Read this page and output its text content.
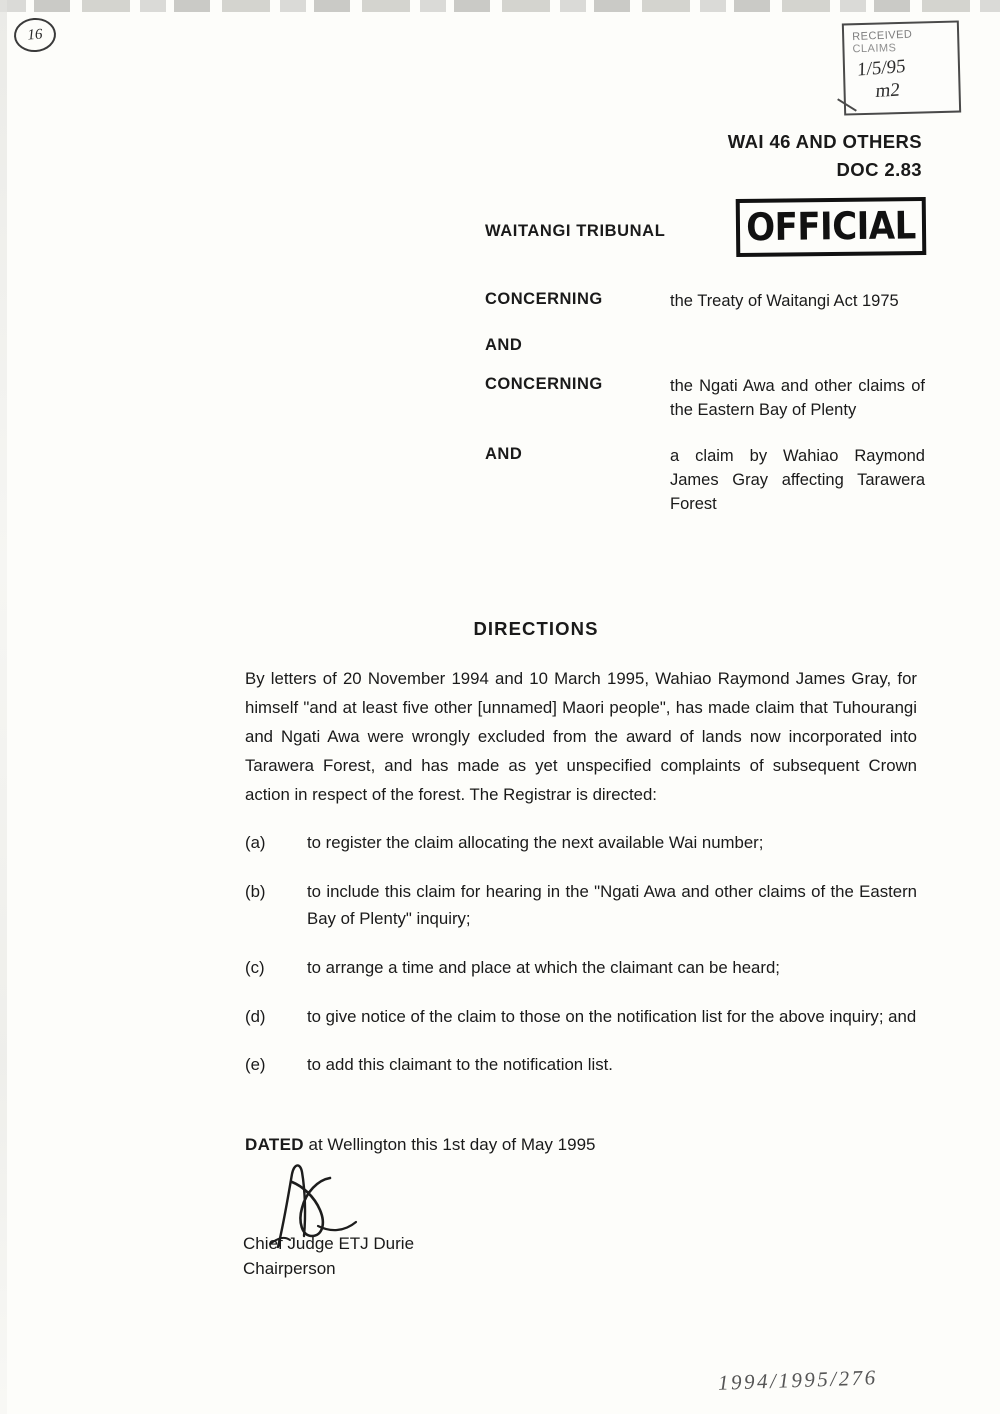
16	RECEIVED
CLAIMS
1/5/95
m2
WAI 46 AND OTHERS
DOC 2.83
WAITANGI TRIBUNAL OFFICIAL
CONCERNING	the Treaty of Waitangi Act 1975
AND
CONCERNING	the Ngati Awa and other claims of the Eastern Bay of Plenty
AND	a claim by Wahiao Raymond James Gray affecting Tarawera Forest
DIRECTIONS
By letters of 20 November 1994 and 10 March 1995, Wahiao Raymond James Gray, for himself "and at least five other [unnamed] Maori people", has made claim that Tuhourangi and Ngati Awa were wrongly excluded from the award of lands now incorporated into Tarawera Forest, and has made as yet unspecified complaints of subsequent Crown action in respect of the forest. The Registrar is directed:
(a)	to register the claim allocating the next available Wai number;
(b)	to include this claim for hearing in the "Ngati Awa and other claims of the Eastern Bay of Plenty" inquiry;
(c)	to arrange a time and place at which the claimant can be heard;
(d)	to give notice of the claim to those on the notification list for the above inquiry; and
(e)	to add this claimant to the notification list.
DATED at Wellington this 1st day of May 1995
Chief Judge ETJ Durie
Chairperson
1994/1995/276
